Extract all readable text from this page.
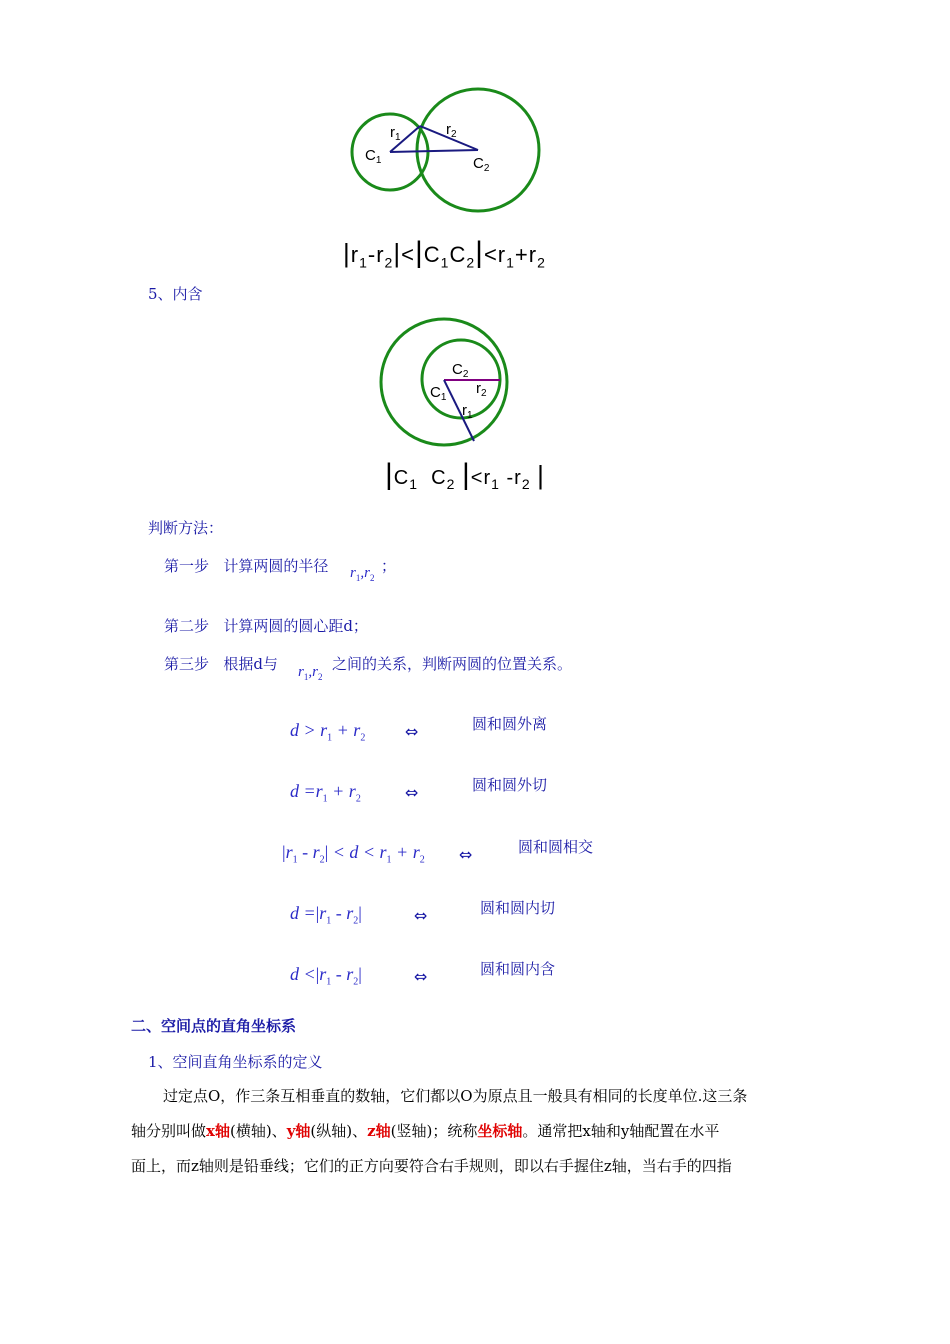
$C_1$	$C_2$
$r_1$	$r_2$
$|r_1-r_2|<|C_1C_2|<r_1+r_2$
5、内含
$C_2$
$C_1$
$r_2$
$r_1$
$|C_1$ $C_2$ $|<r_1$ $-r_2$ |
判断方法：
第一步 计算两圆的半径 $r_1,r_2$
；
第二步 计算两圆的圆心距d；
第三步 根据d与 $r_1,r_2$
之间的关系，判断两圆的位置关系。
$d > r_1 + r_2$ ⇔	圆和圆外离
$d =r_1 + r_2$	⇔	圆和圆外切
$|r_1 - r_2| < d < r_1 + r_2$ ⇔	圆和圆相交
$d =|r_1 - r_2|$	⇔	圆和圆内切
$d <|r_1 - r_2|$	⇔	圆和圆内含
二、空间点的直角坐标系
1、空间直角坐标系的定义
过定点O，作三条互相垂直的数轴，它们都以O为原点且一般具有相同的长度单位.这三条
轴分别叫做x轴(横轴)、y轴(纵轴)、z轴(竖轴)；统称坐标轴。通常把x轴和y轴配置在水平
面上，而z轴则是铅垂线；它们的正方向要符合右手规则，即以右手握住z轴，当右手的四指
